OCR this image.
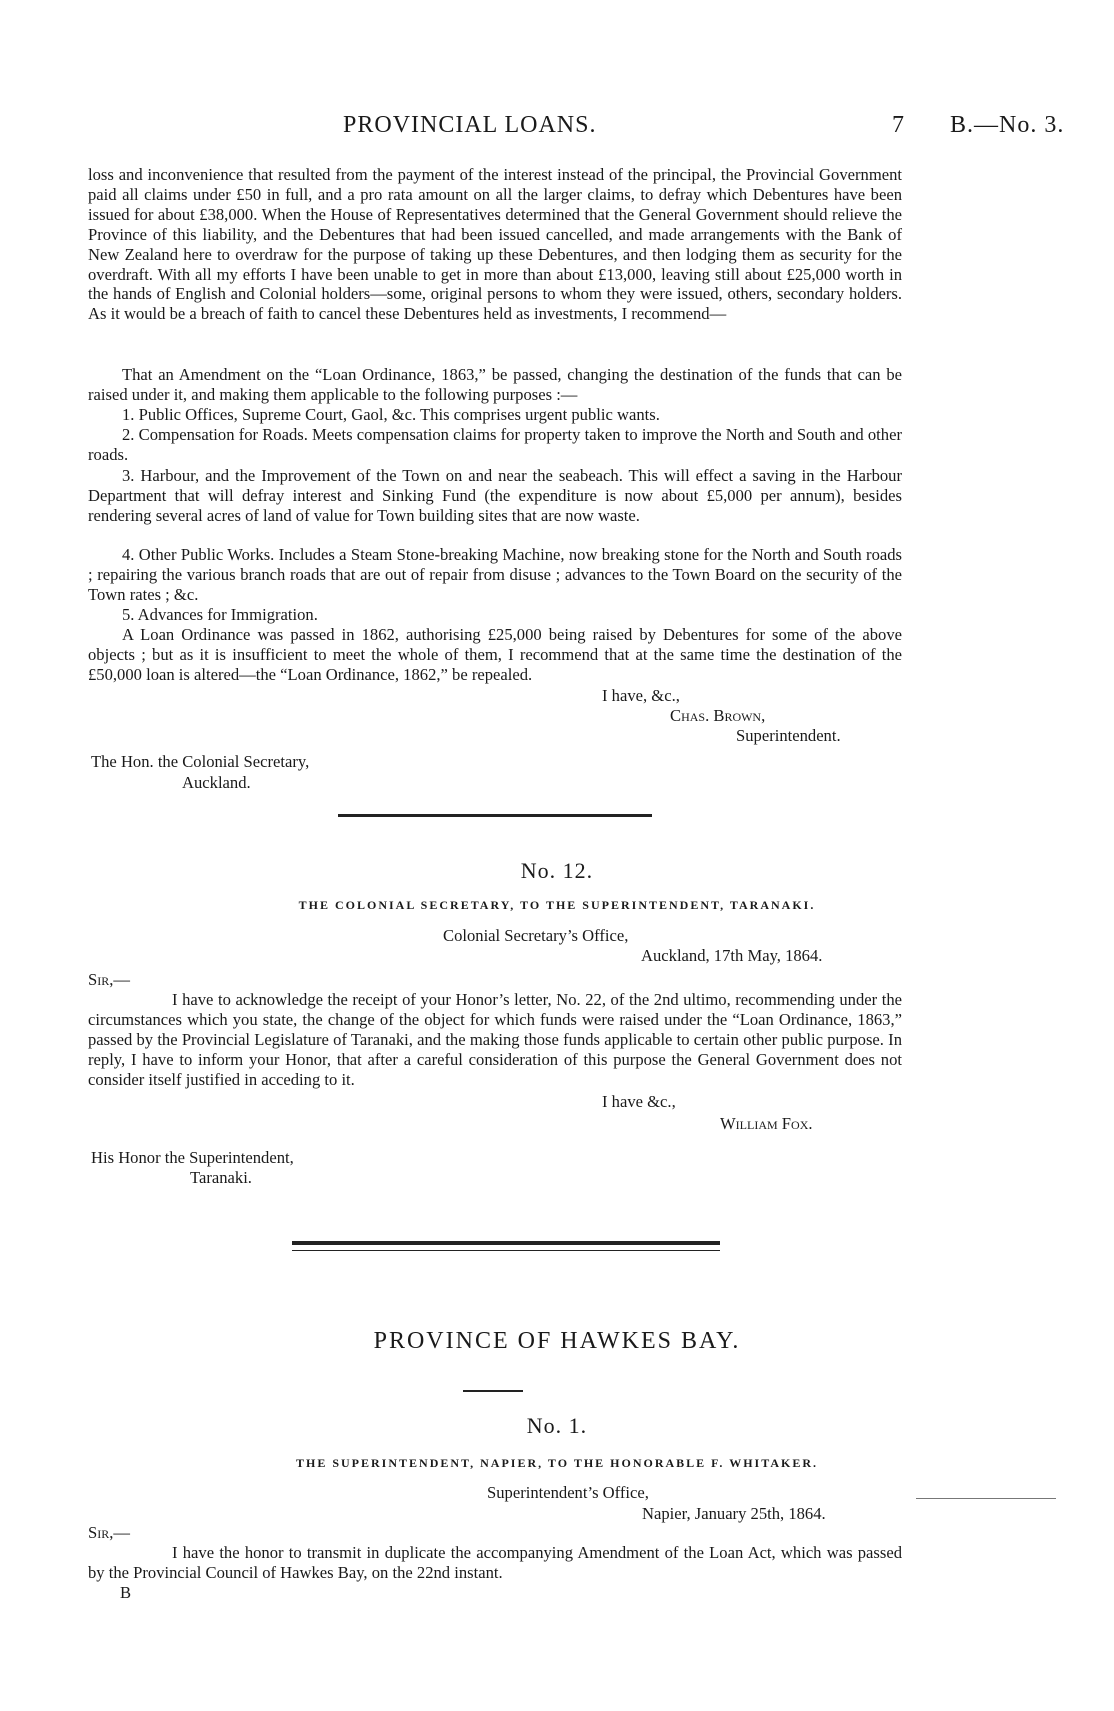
PROVINCIAL LOANS.	7 B.—No. 3.
loss and inconvenience that resulted from the payment of the interest instead of the principal, the Provincial Government paid all claims under £50 in full, and a pro rata amount on all the larger claims, to defray which Debentures have been issued for about £38,000. When the House of Representatives determined that the General Government should relieve the Province of this liability, and the Debentures that had been issued cancelled, and made arrangements with the Bank of New Zealand here to overdraw for the purpose of taking up these Debentures, and then lodging them as security for the overdraft. With all my efforts I have been unable to get in more than about £13,000, leaving still about £25,000 worth in the hands of English and Colonial holders—some, original persons to whom they were issued, others, secondary holders. As it would be a breach of faith to cancel these Debentures held as investments, I recommend—
That an Amendment on the “Loan Ordinance, 1863,” be passed, changing the destination of the funds that can be raised under it, and making them applicable to the following purposes :—
1. Public Offices, Supreme Court, Gaol, &c. This comprises urgent public wants.
2. Compensation for Roads. Meets compensation claims for property taken to improve the North and South and other roads.
3. Harbour, and the Improvement of the Town on and near the seabeach. This will effect a saving in the Harbour Department that will defray interest and Sinking Fund (the expenditure is now about £5,000 per annum), besides rendering several acres of land of value for Town building sites that are now waste.
4. Other Public Works. Includes a Steam Stone-breaking Machine, now breaking stone for the North and South roads ; repairing the various branch roads that are out of repair from disuse ; advances to the Town Board on the security of the Town rates ; &c.
5. Advances for Immigration.
A Loan Ordinance was passed in 1862, authorising £25,000 being raised by Debentures for some of the above objects ; but as it is insufficient to meet the whole of them, I recommend that at the same time the destination of the £50,000 loan is altered—the “Loan Ordinance, 1862,” be repealed.
I have, &c.,
Chas. Brown,
Superintendent.
The Hon. the Colonial Secretary,
Auckland.
No. 12.
THE COLONIAL SECRETARY, TO THE SUPERINTENDENT, TARANAKI.
Colonial Secretary’s Office,
Auckland, 17th May, 1864.
Sir,—
I have to acknowledge the receipt of your Honor’s letter, No. 22, of the 2nd ultimo, recommending under the circumstances which you state, the change of the object for which funds were raised under the “Loan Ordinance, 1863,” passed by the Provincial Legislature of Taranaki, and the making those funds applicable to certain other public purpose. In reply, I have to inform your Honor, that after a careful consideration of this purpose the General Government does not consider itself justified in acceding to it.
I have &c.,
William Fox.
His Honor the Superintendent,
Taranaki.
PROVINCE OF HAWKES BAY.
No. 1.
THE SUPERINTENDENT, NAPIER, TO THE HONORABLE F. WHITAKER.
Superintendent’s Office,
Napier, January 25th, 1864.
Sir,—
I have the honor to transmit in duplicate the accompanying Amendment of the Loan Act, which was passed by the Provincial Council of Hawkes Bay, on the 22nd instant.
B
